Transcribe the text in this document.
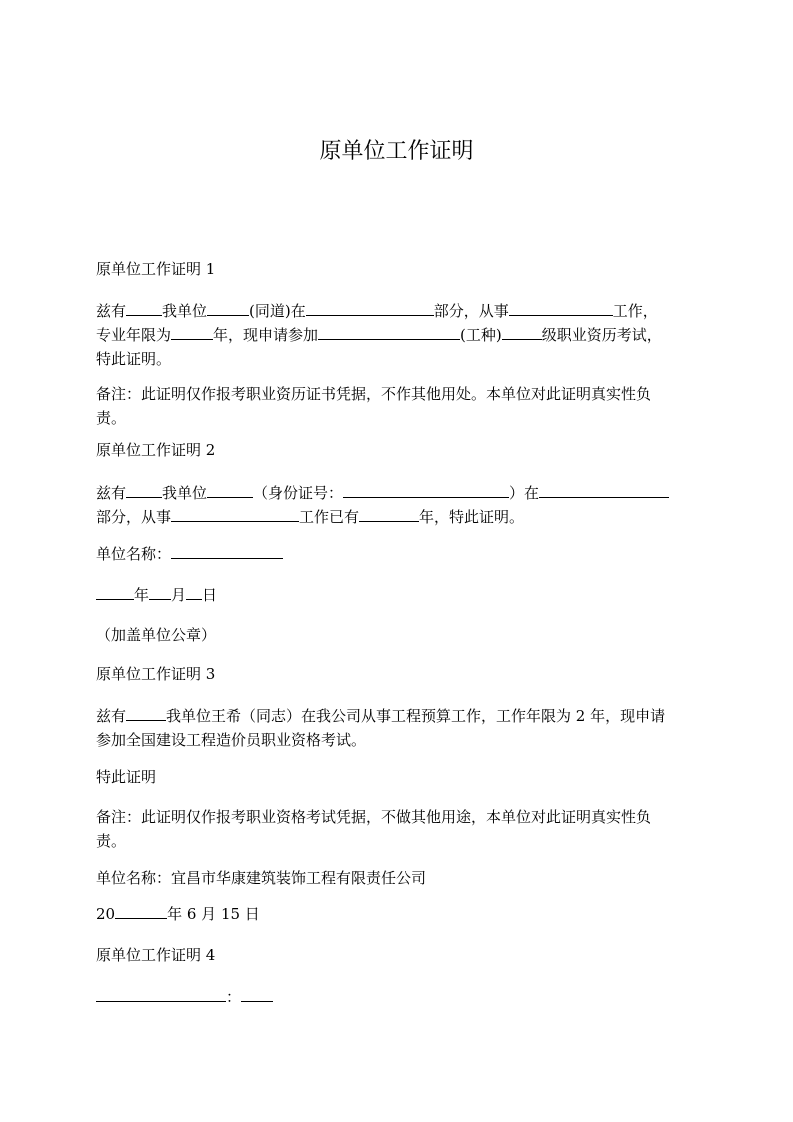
原单位工作证明
原单位工作证明 1
兹有 我单位	(同道)在	部分，从事	工作，
专业年限为	年，现申请参加	(工种)	级职业资历考试，
特此证明。
备注：此证明仅作报考职业资历证书凭据，不作其他用处。本单位对此证明真实性负
责。
原单位工作证明 2
兹有 我单位	（身份证号：	）在
部分，从事	工作已有	年，特此证明。
单位名称：
年 月 日
（加盖单位公章）
原单位工作证明 3
兹有	我单位王希（同志）在我公司从事工程预算工作，工作年限为 2 年，现申请
参加全国建设工程造价员职业资格考试。
特此证明
备注：此证明仅作报考职业资格考试凭据，不做其他用途，本单位对此证明真实性负
责。
单位名称：宜昌市华康建筑装饰工程有限责任公司
20	年 6 月 15 日
原单位工作证明 4
：
